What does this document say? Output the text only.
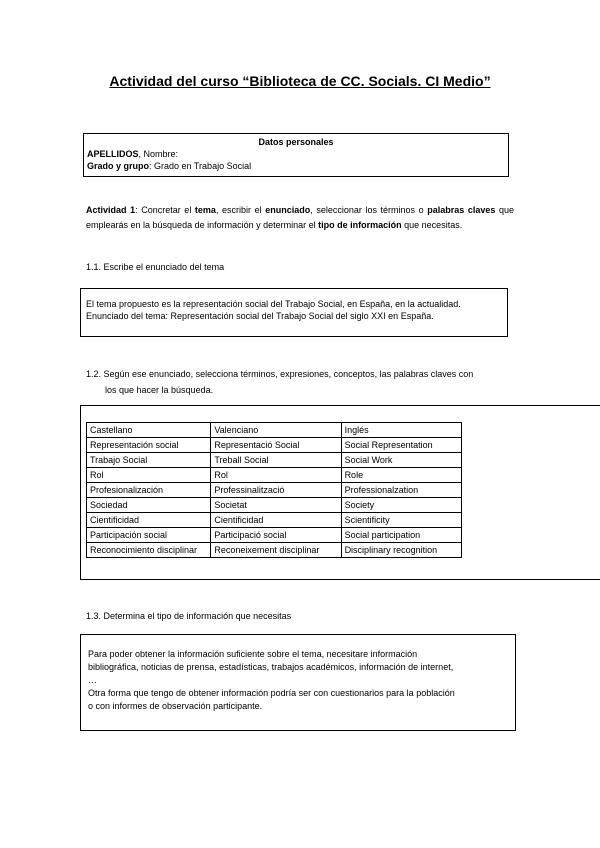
Actividad del curso “Biblioteca de CC. Socials. CI Medio”
Datos personales
APELLIDOS, Nombre:
Grado y grupo: Grado en Trabajo Social
Actividad 1: Concretar el tema, escribir el enunciado, seleccionar los términos o palabras claves que emplearás en la búsqueda de información y determinar el tipo de información que necesitas.
1.1. Escribe el enunciado del tema
El tema propuesto es la representación social del Trabajo Social, en España, en la actualidad.
Enunciado del tema: Representación social del Trabajo Social del siglo XXI en España.
1.2. Según ese enunciado, selecciona términos, expresiones, conceptos, las palabras claves con
los que hacer la búsqueda.
Castellano	Valenciano	Inglés
Representación social	Representació Social	Social Representation
Trabajo Social	Treball Social	Social Work
Rol	Rol	Role
Profesionalización	Professinalització	Professionalzation
Sociedad	Societat	Society
Cientificidad	Cientificidad	Scientificity
Participación social	Participació social	Social participation
Reconocimiento disciplinar	Reconeixement disciplinar	Disciplinary recognition
1.3. Determina el tipo de información que necesitas
Para poder obtener la información suficiente sobre el tema, necesitare información
bibliográfica, noticias de prensa, estadísticas, trabajos académicos, información de internet,
…
Otra forma que tengo de obtener información podría ser con cuestionarios para la población
o con informes de observación participante.
